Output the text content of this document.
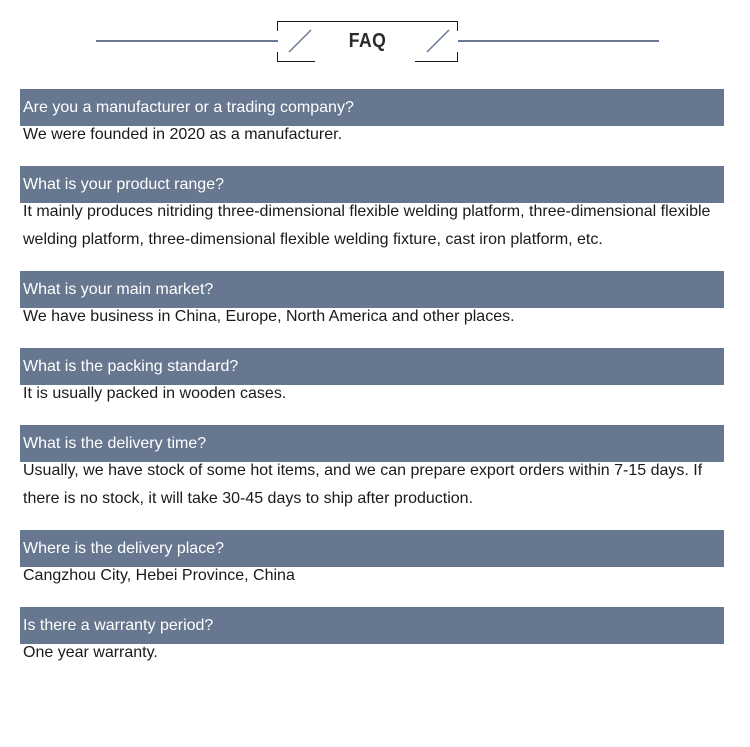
FAQ
Are you a manufacturer or a trading company?
We were founded in 2020 as a manufacturer.
What is your product range?
It mainly produces nitriding three-dimensional flexible welding platform, three-dimensional flexible welding platform, three-dimensional flexible welding fixture, cast iron platform, etc.
What is your main market?
We have business in China, Europe, North America and other places.
What is the packing standard?
It is usually packed in wooden cases.
What is the delivery time?
Usually, we have stock of some hot items, and we can prepare export orders within 7-15 days. If there is no stock, it will take 30-45 days to ship after production.
Where is the delivery place?
Cangzhou City, Hebei Province, China
Is there a warranty period?
One year warranty.
